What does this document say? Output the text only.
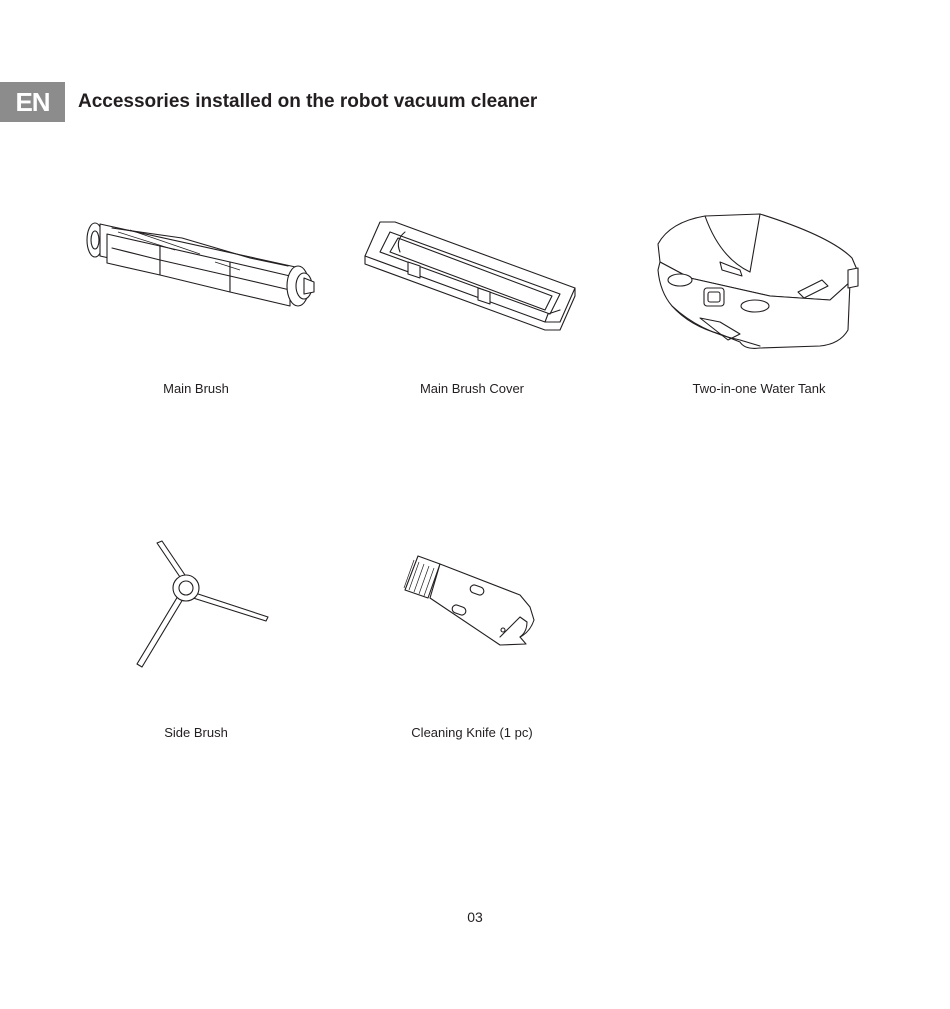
EN	Accessories installed on the robot vacuum cleaner
Main Brush	Main Brush Cover	Two-in-one Water Tank
Side Brush	Cleaning Knife (1 pc)
03
